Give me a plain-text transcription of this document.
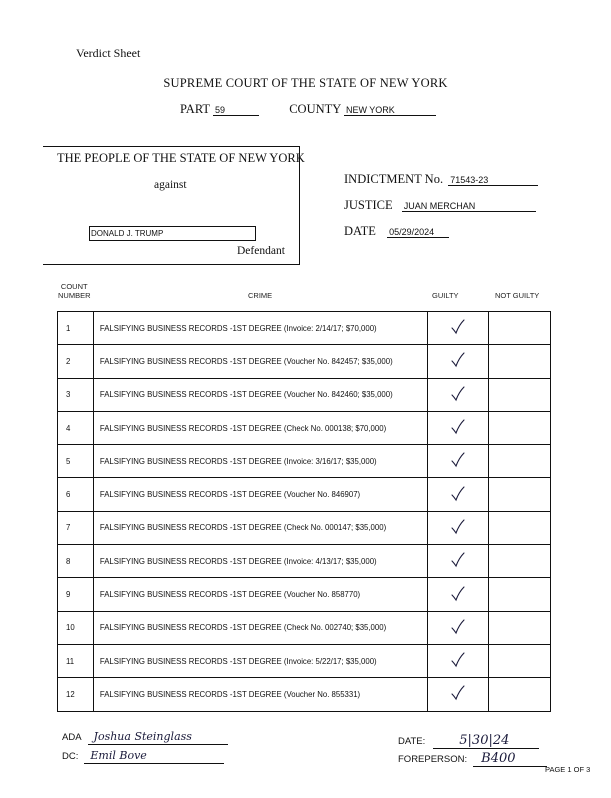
Verdict Sheet
SUPREME COURT OF THE STATE OF NEW YORK
PART 59	COUNTY NEW YORK
THE PEOPLE OF THE STATE OF NEW YORK
against
DONALD J. TRUMP
Defendant
INDICTMENT No. 71543-23
JUSTICE JUAN MERCHAN
DATE 05/29/2024
COUNT
NUMBER	CRIME	GUILTY	NOT GUILTY
1	FALSIFYING BUSINESS RECORDS -1ST DEGREE (Invoice: 2/14/17; $70,000)		
2	FALSIFYING BUSINESS RECORDS -1ST DEGREE (Voucher No. 842457; $35,000)		
3	FALSIFYING BUSINESS RECORDS -1ST DEGREE (Voucher No. 842460; $35,000)		
4	FALSIFYING BUSINESS RECORDS -1ST DEGREE (Check No. 000138; $70,000)		
5	FALSIFYING BUSINESS RECORDS -1ST DEGREE (Invoice: 3/16/17; $35,000)		
6	FALSIFYING BUSINESS RECORDS -1ST DEGREE (Voucher No. 846907)		
7	FALSIFYING BUSINESS RECORDS -1ST DEGREE (Check No. 000147; $35,000)		
8	FALSIFYING BUSINESS RECORDS -1ST DEGREE (Invoice: 4/13/17; $35,000)		
9	FALSIFYING BUSINESS RECORDS -1ST DEGREE (Voucher No. 858770)		
10	FALSIFYING BUSINESS RECORDS -1ST DEGREE (Check No. 002740; $35,000)		
11	FALSIFYING BUSINESS RECORDS -1ST DEGREE (Invoice: 5/22/17; $35,000)		
12	FALSIFYING BUSINESS RECORDS -1ST DEGREE (Voucher No. 855331)		
ADA Joshua Steinglass
DC: Emil Bove
DATE:	5|30|24
FOREPERSON: B400
PAGE 1 OF 3
